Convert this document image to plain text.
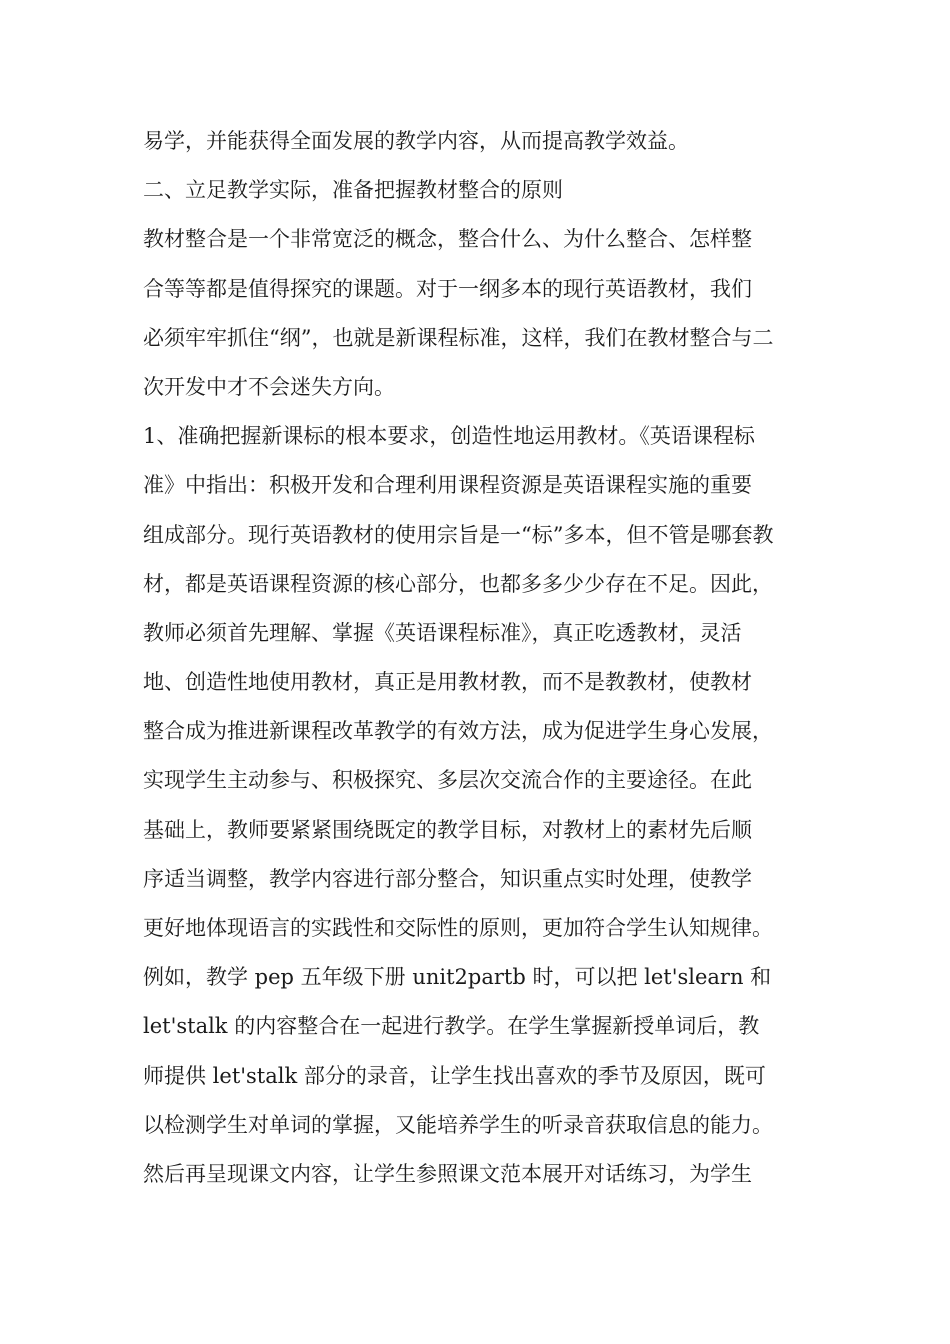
易学，并能获得全面发展的教学内容，从而提高教学效益。

二、立足教学实际，准备把握教材整合的原则

教材整合是一个非常宽泛的概念，整合什么、为什么整合、怎样整

合等等都是值得探究的课题。对于一纲多本的现行英语教材，我们

必须牢牢抓住“纲”，也就是新课程标准，这样，我们在教材整合与二

次开发中才不会迷失方向。

1、准确把握新课标的根本要求，创造性地运用教材。《英语课程标

准》中指出：积极开发和合理利用课程资源是英语课程实施的重要

组成部分。现行英语教材的使用宗旨是一“标”多本，但不管是哪套教

材，都是英语课程资源的核心部分，也都多多少少存在不足。因此，

教师必须首先理解、掌握《英语课程标准》，真正吃透教材，灵活

地、创造性地使用教材，真正是用教材教，而不是教教材，使教材

整合成为推进新课程改革教学的有效方法，成为促进学生身心发展，

实现学生主动参与、积极探究、多层次交流合作的主要途径。在此

基础上，教师要紧紧围绕既定的教学目标，对教材上的素材先后顺

序适当调整，教学内容进行部分整合，知识重点实时处理，使教学

更好地体现语言的实践性和交际性的原则，更加符合学生认知规律。

例如，教学 pep 五年级下册 unit2partb 时，可以把 let'slearn 和

let'stalk 的内容整合在一起进行教学。在学生掌握新授单词后，教

师提供 let'stalk 部分的录音，让学生找出喜欢的季节及原因，既可

以检测学生对单词的掌握，又能培养学生的听录音获取信息的能力。

然后再呈现课文内容，让学生参照课文范本展开对话练习，为学生
